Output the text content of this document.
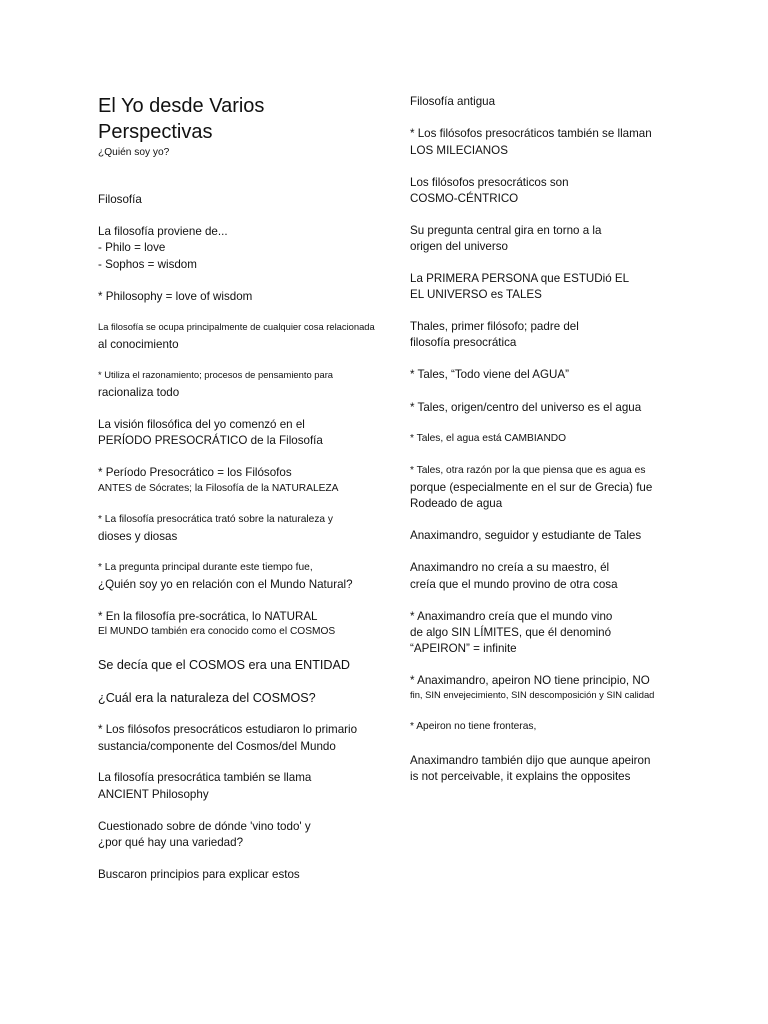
El Yo desde Varios
Perspectivas
¿Quién soy yo?
Filosofía
La filosofía proviene de...
- Philo = love
- Sophos = wisdom
* Philosophy = love of wisdom
La filosofía se ocupa principalmente de cualquier cosa relacionada
al conocimiento
* Utiliza el razonamiento; procesos de pensamiento para
racionaliza todo
La visión filosófica del yo comenzó en el
PERÍODO PRESOCRÁTICO de la Filosofía
* Período Presocrático = los Filósofos
ANTES de Sócrates; la Filosofía de la NATURALEZA
* La filosofía presocrática trató sobre la naturaleza y
dioses y diosas
* La pregunta principal durante este tiempo fue,
¿Quién soy yo en relación con el Mundo Natural?
* En la filosofía pre-socrática, lo NATURAL
El MUNDO también era conocido como el COSMOS
Se decía que el COSMOS era una ENTIDAD
¿Cuál era la naturaleza del COSMOS?
* Los filósofos presocráticos estudiaron lo primario
sustancia/componente del Cosmos/del Mundo
La filosofía presocrática también se llama
ANCIENT Philosophy
Cuestionado sobre de dónde 'vino todo' y
¿por qué hay una variedad?
Buscaron principios para explicar estos
Filosofía antigua
* Los filósofos presocráticos también se llaman
LOS MILECIANOS
Los filósofos presocráticos son
COSMO-CÉNTRICO
Su pregunta central gira en torno a la
origen del universo
La PRIMERA PERSONA que ESTUDió EL
EL UNIVERSO es TALES
Thales, primer filósofo; padre del
filosofía presocrática
* Tales, “Todo viene del AGUA”
* Tales, origen/centro del universo es el agua
* Tales, el agua está CAMBIANDO
* Tales, otra razón por la que piensa que es agua es
porque (especialmente en el sur de Grecia) fue
Rodeado de agua
Anaximandro, seguidor y estudiante de Tales
Anaximandro no creía a su maestro, él
creía que el mundo provino de otra cosa
* Anaximandro creía que el mundo vino
de algo SIN LÍMITES, que él denominó
“APEIRON” = infinite
* Anaximandro, apeiron NO tiene principio, NO
fin, SIN envejecimiento, SIN descomposición y SIN calidad
* Apeiron no tiene fronteras,
Anaximandro también dijo que aunque apeiron
is not perceivable, it explains the opposites
